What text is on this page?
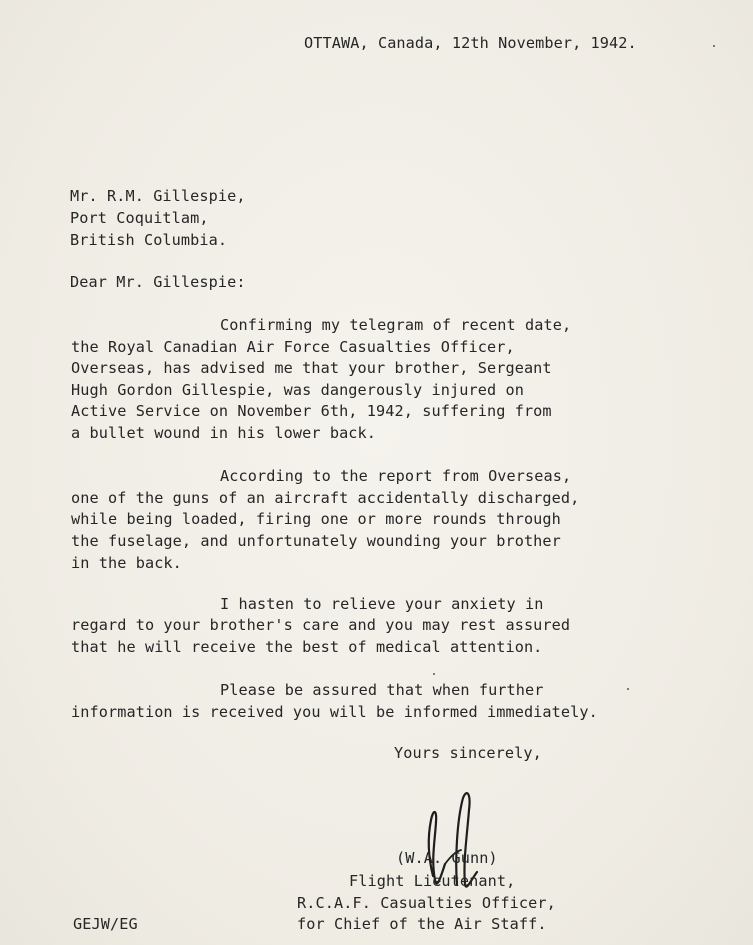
OTTAWA, Canada, 12th November, 1942.
Mr. R.M. Gillespie,
Port Coquitlam,
British Columbia.
Dear Mr. Gillespie:
Confirming my telegram of recent date,
the Royal Canadian Air Force Casualties Officer,
Overseas, has advised me that your brother, Sergeant
Hugh Gordon Gillespie, was dangerously injured on
Active Service on November 6th, 1942, suffering from
a bullet wound in his lower back.
According to the report from Overseas,
one of the guns of an aircraft accidentally discharged,
while being loaded, firing one or more rounds through
the fuselage, and unfortunately wounding your brother
in the back.
I hasten to relieve your anxiety in
regard to your brother's care and you may rest assured
that he will receive the best of medical attention.
Please be assured that when further
information is received you will be informed immediately.
Yours sincerely,
(W.A. Gunn)
Flight Lieutenant,
R.C.A.F. Casualties Officer,
for Chief of the Air Staff.
GEJW/EG
